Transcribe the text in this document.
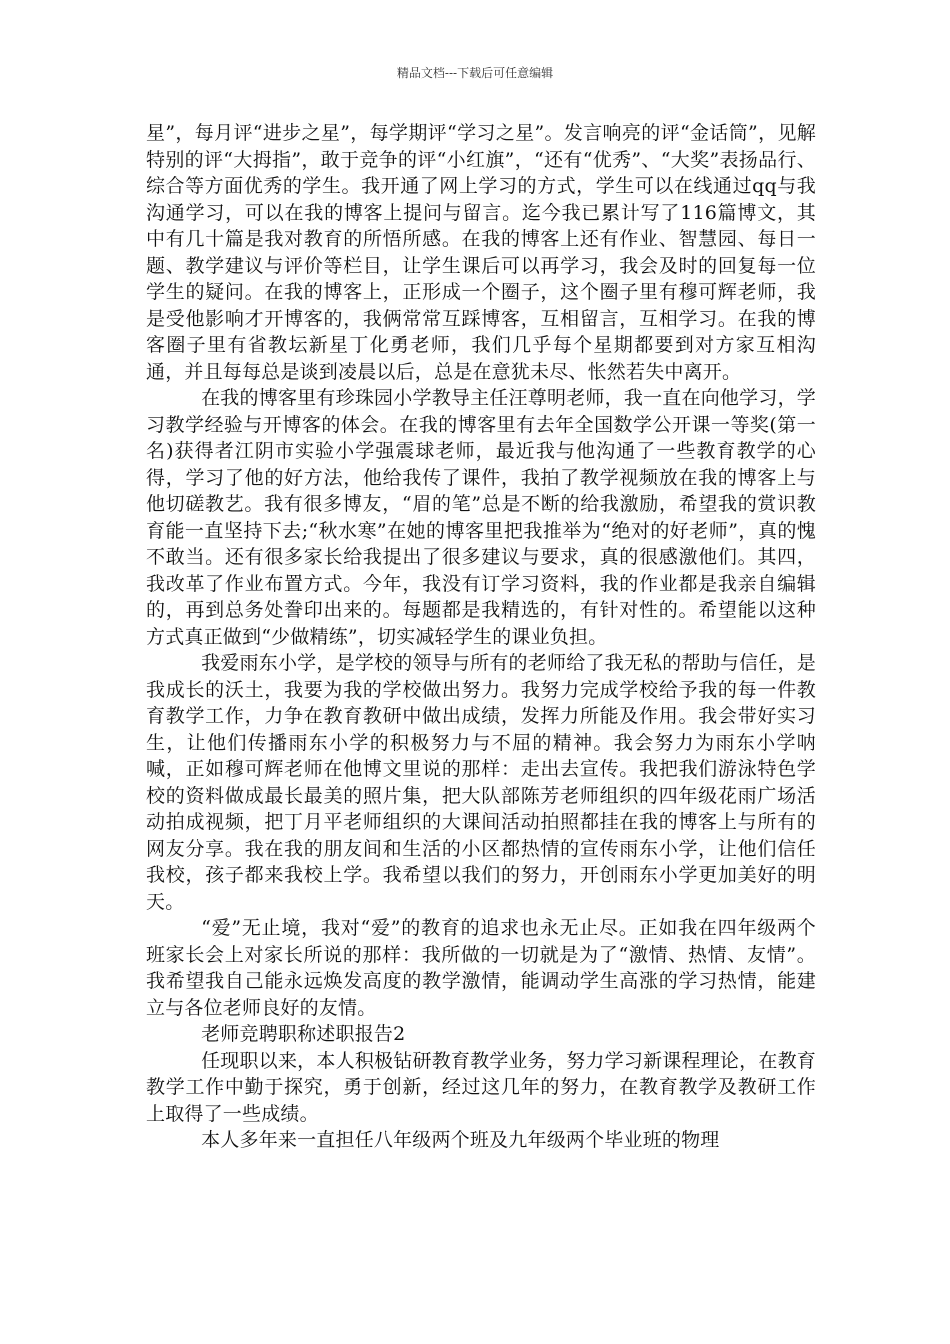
精品文档---下载后可任意编辑

星”，每月评“进步之星”，每学期评“学习之星”。发言响亮的评“金话筒”，见解特别的评“大拇指”，敢于竞争的评“小红旗”，“还有“优秀”、“大奖”表扬品行、综合等方面优秀的学生。我开通了网上学习的方式，学生可以在线通过qq与我沟通学习，可以在我的博客上提问与留言。迄今我已累计写了116篇博文，其中有几十篇是我对教育的所悟所感。在我的博客上还有作业、智慧园、每日一题、教学建议与评价等栏目，让学生课后可以再学习，我会及时的回复每一位学生的疑问。在我的博客上，正形成一个圈子，这个圈子里有穆可辉老师，我是受他影响才开博客的，我俩常常互踩博客，互相留言，互相学习。在我的博客圈子里有省教坛新星丁化勇老师，我们几乎每个星期都要到对方家互相沟通，并且每每总是谈到凌晨以后，总是在意犹未尽、怅然若失中离开。

在我的博客里有珍珠园小学教导主任汪尊明老师，我一直在向他学习，学习教学经验与开博客的体会。在我的博客里有去年全国数学公开课一等奖(第一名)获得者江阴市实验小学强震球老师，最近我与他沟通了一些教育教学的心得，学习了他的好方法，他给我传了课件，我拍了教学视频放在我的博客上与他切磋教艺。我有很多博友，“眉的笔”总是不断的给我激励，希望我的赏识教育能一直坚持下去;“秋水寒”在她的博客里把我推举为“绝对的好老师”，真的愧不敢当。还有很多家长给我提出了很多建议与要求，真的很感激他们。其四，我改革了作业布置方式。今年，我没有订学习资料，我的作业都是我亲自编辑的，再到总务处誊印出来的。每题都是我精选的，有针对性的。希望能以这种方式真正做到“少做精练”，切实减轻学生的课业负担。

我爱雨东小学，是学校的领导与所有的老师给了我无私的帮助与信任，是我成长的沃土，我要为我的学校做出努力。我努力完成学校给予我的每一件教育教学工作，力争在教育教研中做出成绩，发挥力所能及作用。我会带好实习生，让他们传播雨东小学的积极努力与不屈的精神。我会努力为雨东小学呐喊，正如穆可辉老师在他博文里说的那样：走出去宣传。我把我们游泳特色学校的资料做成最长最美的照片集，把大队部陈芳老师组织的四年级花雨广场活动拍成视频，把丁月平老师组织的大课间活动拍照都挂在我的博客上与所有的网友分享。我在我的朋友间和生活的小区都热情的宣传雨东小学，让他们信任我校，孩子都来我校上学。我希望以我们的努力，开创雨东小学更加美好的明天。

“爱”无止境，我对“爱”的教育的追求也永无止尽。正如我在四年级两个班家长会上对家长所说的那样：我所做的一切就是为了“激情、热情、友情”。我希望我自己能永远焕发高度的教学激情，能调动学生高涨的学习热情，能建立与各位老师良好的友情。

老师竞聘职称述职报告2

任现职以来，本人积极钻研教育教学业务，努力学习新课程理论，在教育教学工作中勤于探究，勇于创新，经过这几年的努力，在教育教学及教研工作上取得了一些成绩。

本人多年来一直担任八年级两个班及九年级两个毕业班的物理
